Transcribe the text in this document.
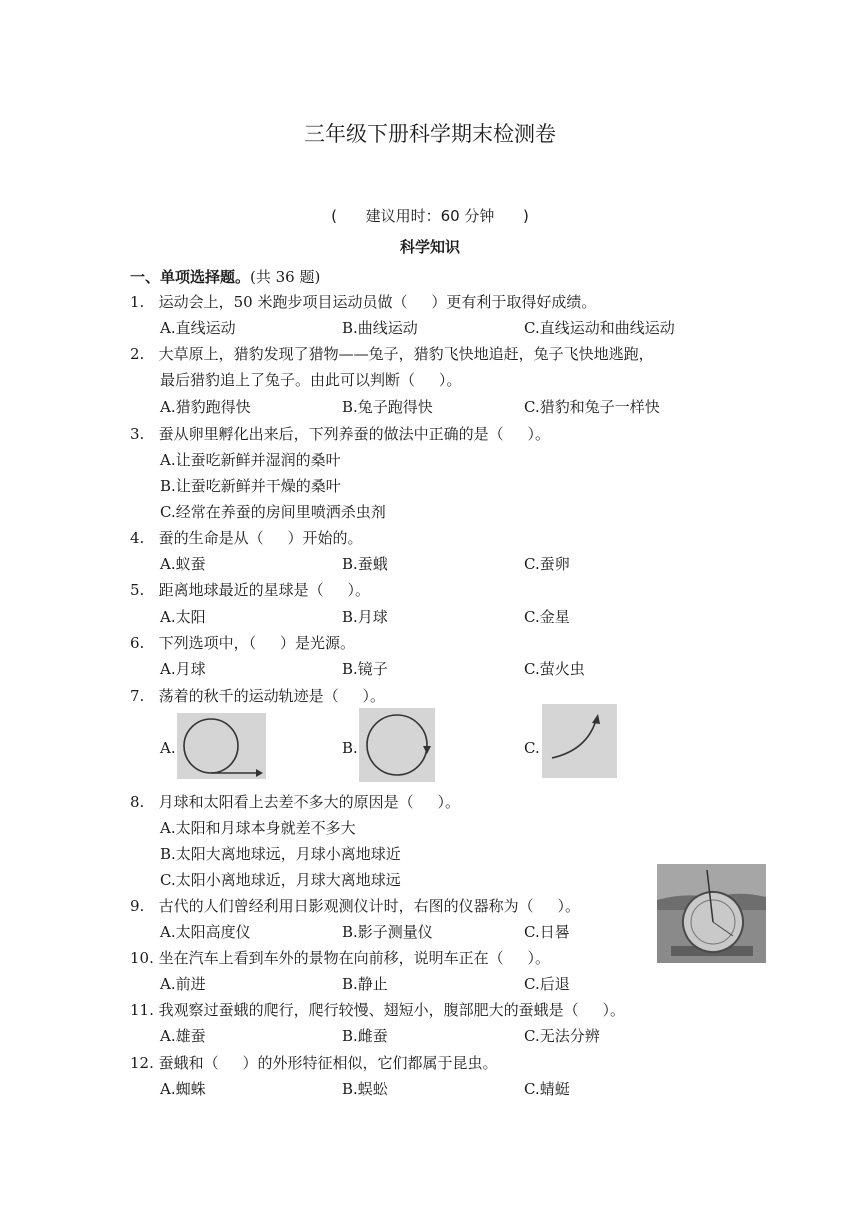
三年级下册科学期末检测卷
(      建议用时：60 分钟      )
科学知识
一、单项选择题。(共 36 题)
1. 运动会上，50 米跑步项目运动员做（     ）更有利于取得好成绩。
A.直线运动	B.曲线运动	C.直线运动和曲线运动
2. 大草原上，猎豹发现了猎物——兔子，猎豹飞快地追赶，兔子飞快地逃跑，
最后猎豹追上了兔子。由此可以判断（     ）。
A.猎豹跑得快	B.兔子跑得快	C.猎豹和兔子一样快
3. 蚕从卵里孵化出来后，下列养蚕的做法中正确的是（     ）。
A.让蚕吃新鲜并湿润的桑叶
B.让蚕吃新鲜并干燥的桑叶
C.经常在养蚕的房间里喷洒杀虫剂
4. 蚕的生命是从（     ）开始的。
A.蚁蚕	B.蚕蛾	C.蚕卵
5. 距离地球最近的星球是（     ）。
A.太阳	B.月球	C.金星
6. 下列选项中，（     ）是光源。
A.月球	B.镜子	C.萤火虫
7. 荡着的秋千的运动轨迹是（     ）。
A.	B.	C.
8. 月球和太阳看上去差不多大的原因是（     ）。
A.太阳和月球本身就差不多大
B.太阳大离地球远，月球小离地球近
C.太阳小离地球近，月球大离地球远
9. 古代的人们曾经利用日影观测仪计时，右图的仪器称为（     ）。
A.太阳高度仪	B.影子测量仪	C.日晷
10. 坐在汽车上看到车外的景物在向前移，说明车正在（     ）。
A.前进	B.静止	C.后退
11. 我观察过蚕蛾的爬行，爬行较慢、翅短小，腹部肥大的蚕蛾是（     ）。
A.雄蚕	B.雌蚕	C.无法分辨
12. 蚕蛾和（     ）的外形特征相似，它们都属于昆虫。
A.蜘蛛	B.蜈蚣	C.蜻蜓
